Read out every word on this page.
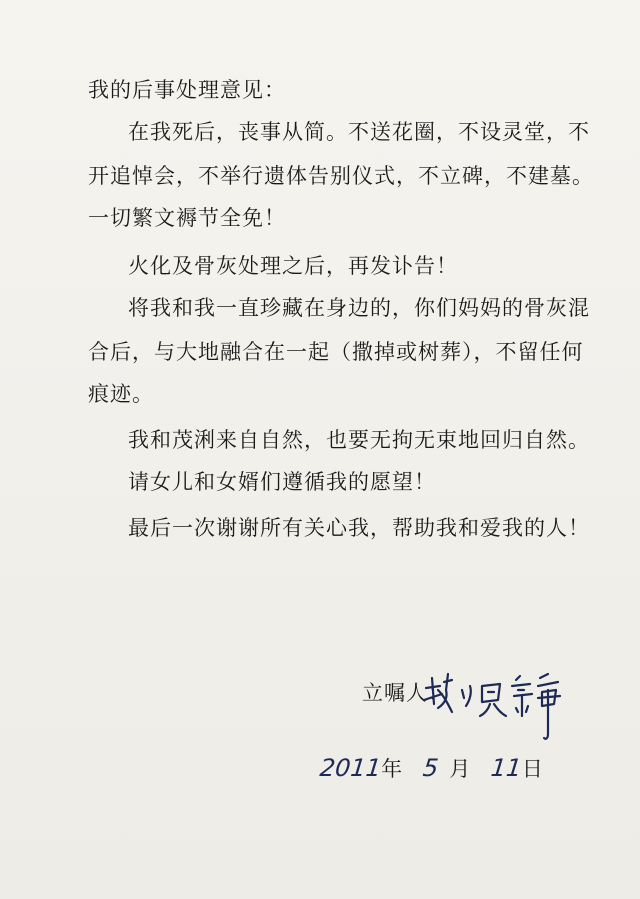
我的后事处理意见：
在我死后，丧事从简。不送花圈，不设灵堂，不
开追悼会，不举行遗体告别仪式，不立碑，不建墓。
一切繁文褥节全免！
火化及骨灰处理之后，再发讣告！
将我和我一直珍藏在身边的，你们妈妈的骨灰混
合后，与大地融合在一起（撒掉或树葬），不留任何
痕迹。
我和茂浰来自自然，也要无拘无束地回归自然。
请女儿和女婿们遵循我的愿望！
最后一次谢谢所有关心我，帮助我和爱我的人！
立嘱人：
2011年 5 月 11日
